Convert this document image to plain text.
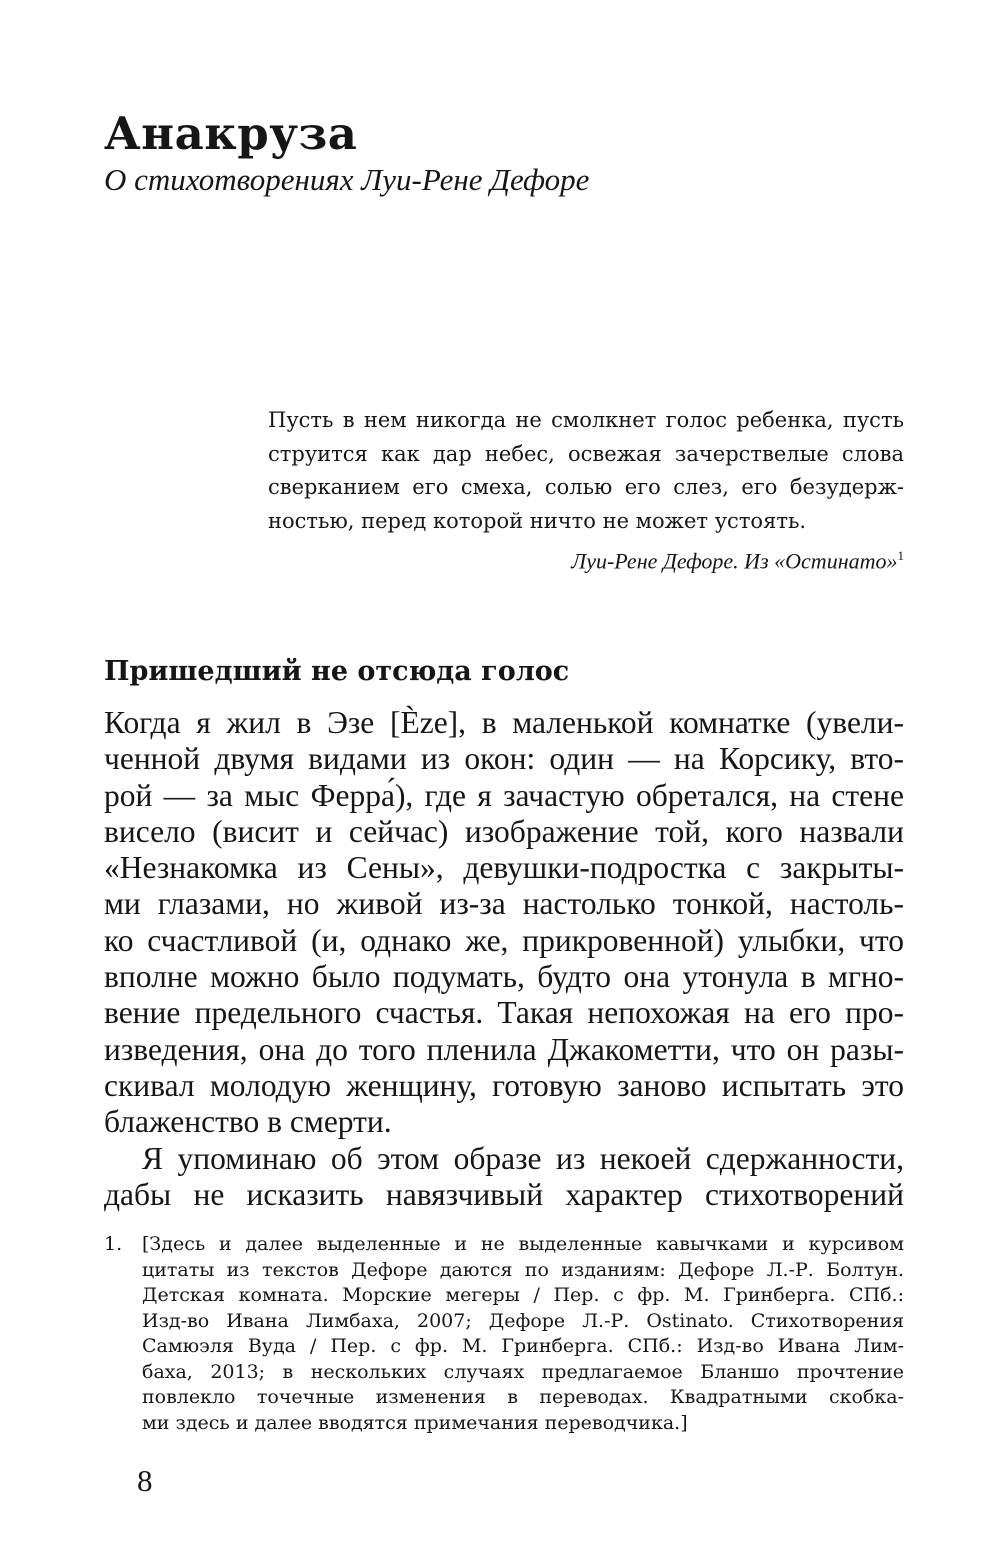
Анакруза
О стихотворениях Луи-Рене Дефоре
Пусть в нем никогда не смолкнет голос ребенка, пусть
струится как дар небес, освежая зачерствелые слова
сверканием его смеха, солью его слез, его безудерж-
ностью, перед которой ничто не может устоять.
Луи-Рене Дефоре. Из «Остинато»$^1$
Пришедший не отсюда голос
Когда я жил в Эзе [Èze], в маленькой комнатке (увели-
ченной двумя видами из окон: один — на Корсику, вто-
рой — за мыс Ферра́), где я зачастую обретался, на стене
висело (висит и сейчас) изображение той, кого назвали
«Незнакомка из Сены», девушки-подростка с закрыты-
ми глазами, но живой из-за настолько тонкой, настоль-
ко счастливой (и, однако же, прикровенной) улыбки, что
вполне можно было подумать, будто она утонула в мгно-
вение предельного счастья. Такая непохожая на его про-
изведения, она до того пленила Джакометти, что он разы-
скивал молодую женщину, готовую заново испытать это
блаженство в смерти.
Я упоминаю об этом образе из некоей сдержанности,
дабы не исказить навязчивый характер стихотворений
1.	[Здесь и далее выделенные и не выделенные кавычками и курсивом
цитаты из текстов Дефоре даются по изданиям: Дефоре Л.-Р. Болтун.
Детская комната. Морские мегеры / Пер. с фр. М. Гринберга. СПб.:
Изд-во Ивана Лимбаха, 2007; Дефоре Л.-Р. Ostinato. Стихотворения
Самюэля Вуда / Пер. с фр. М. Гринберга. СПб.: Изд-во Ивана Лим-
баха, 2013; в нескольких случаях предлагаемое Бланшо прочтение
повлекло точечные изменения в переводах. Квадратными скобка-
ми здесь и далее вводятся примечания переводчика.]
8
